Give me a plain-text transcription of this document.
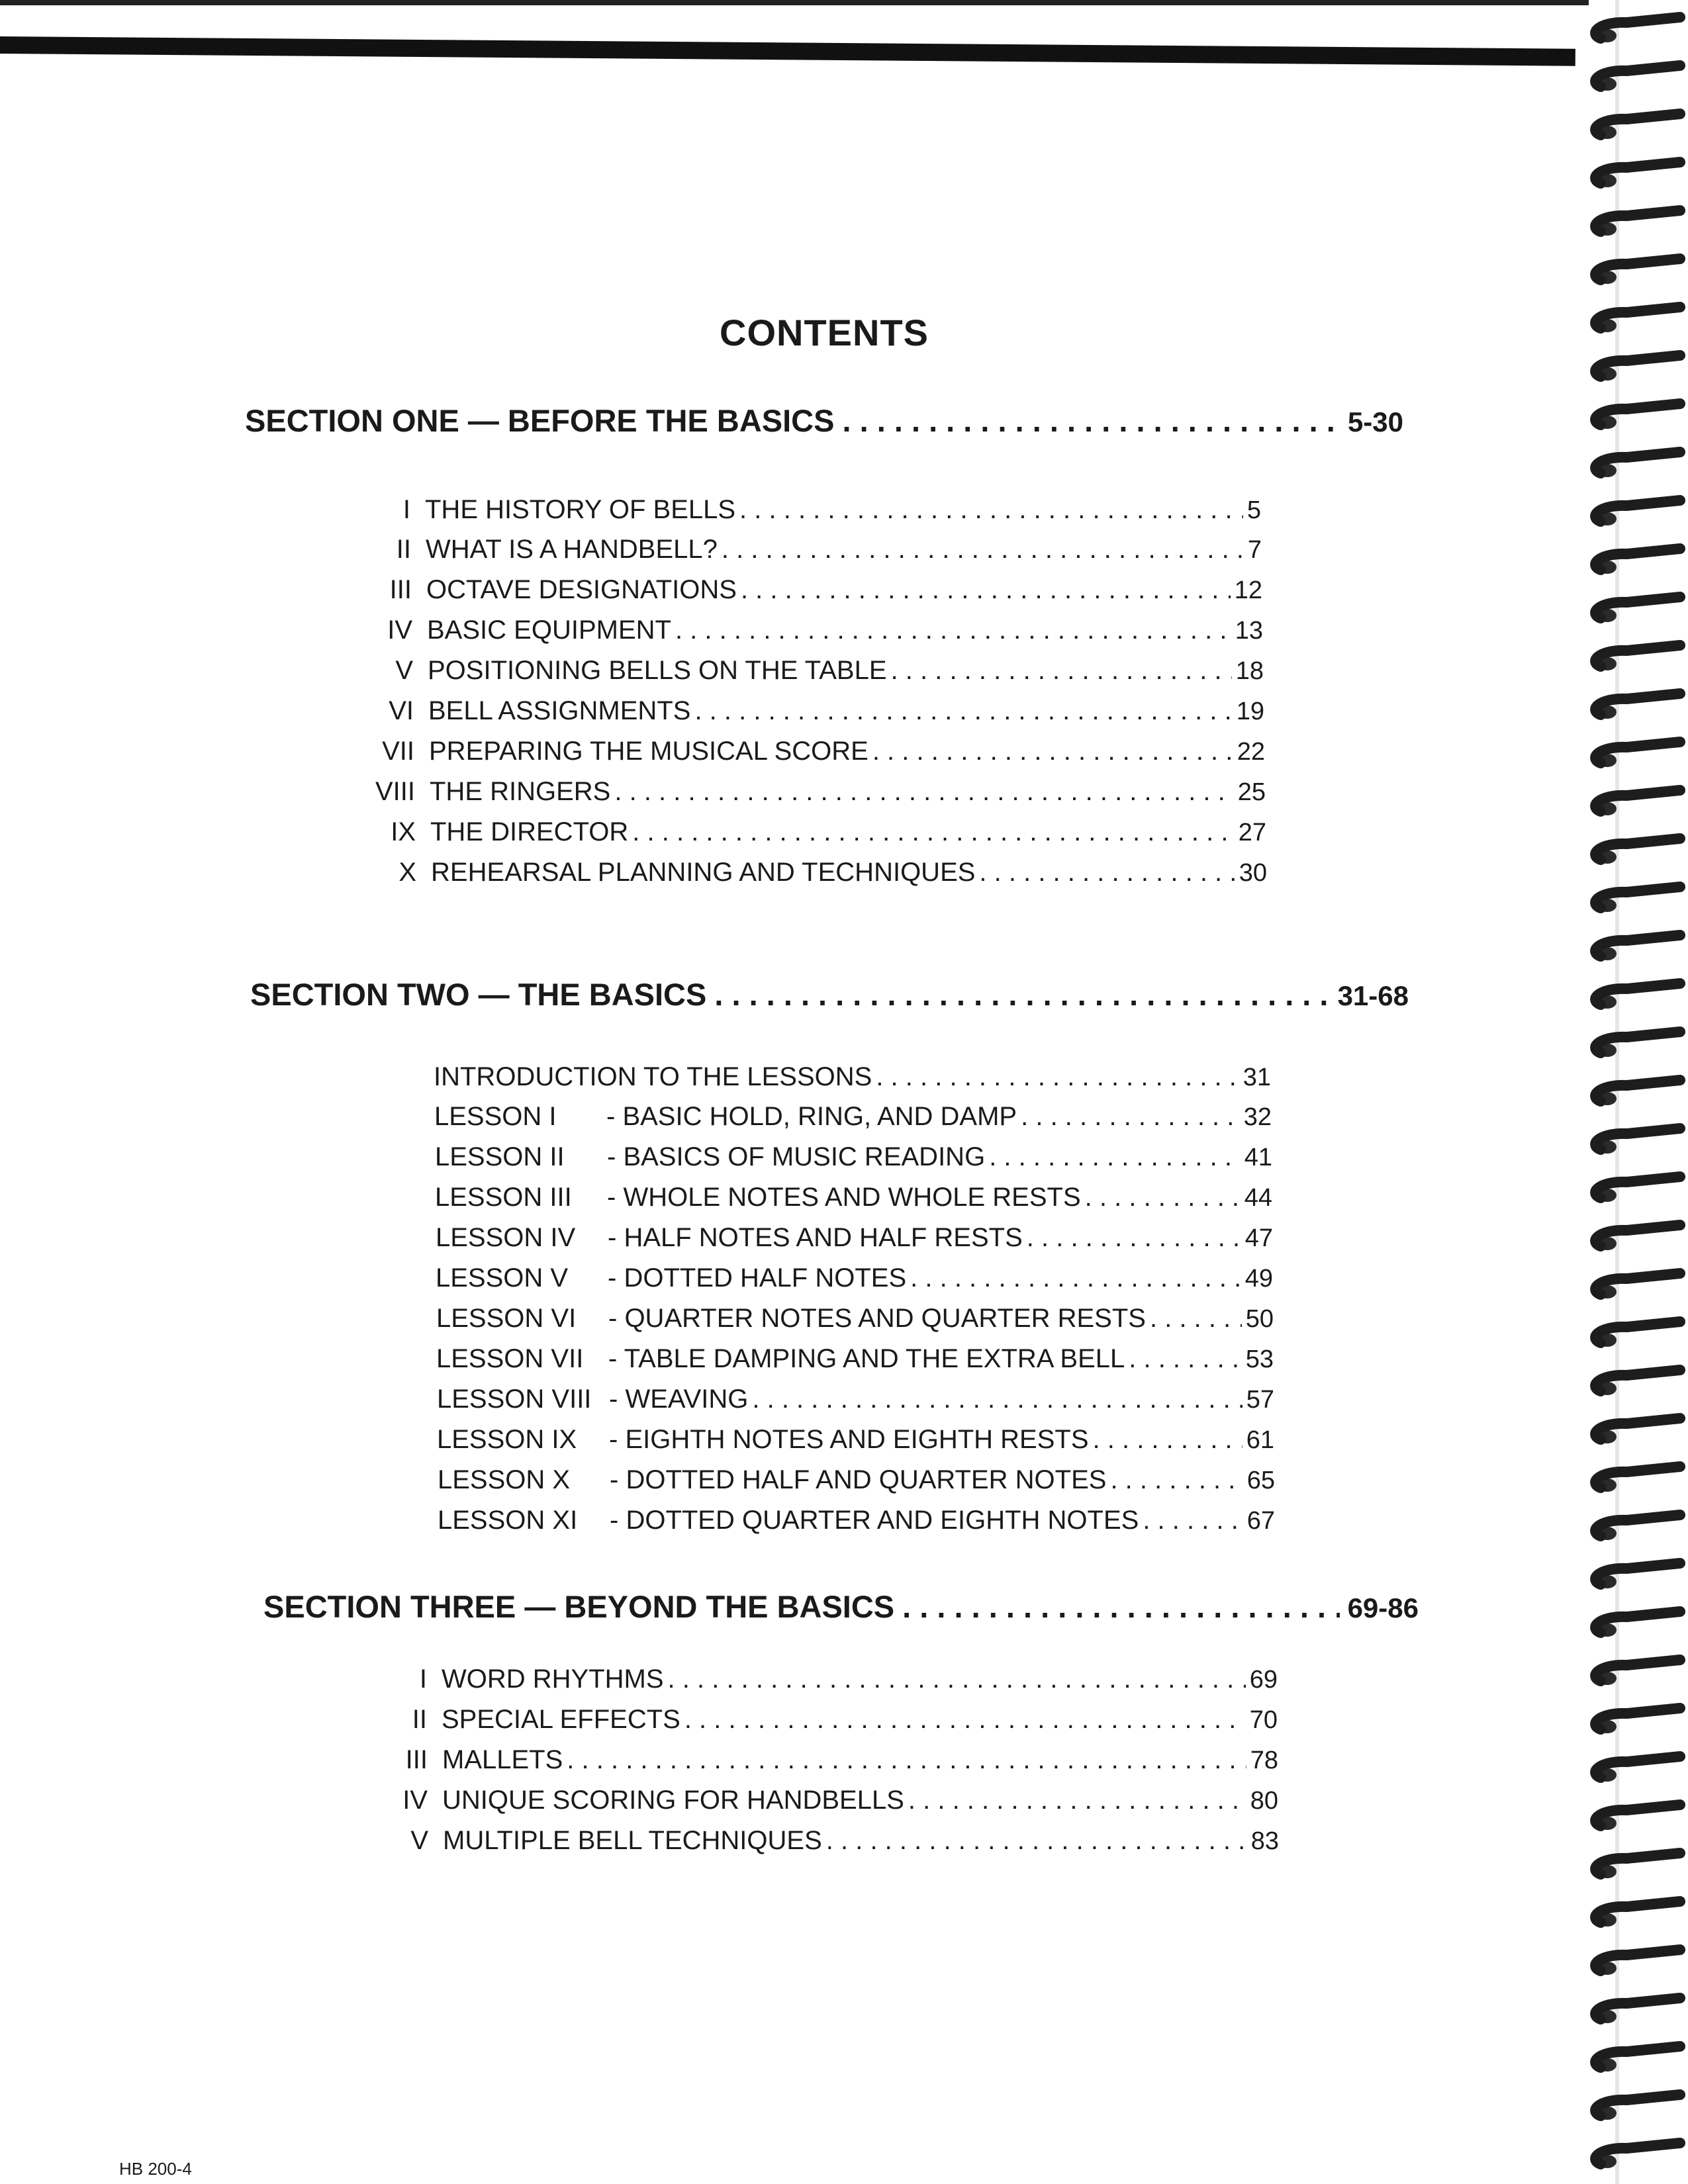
CONTENTS
SECTION ONE — BEFORE THE BASICS . . .	5-30
I THE HISTORY OF BELLS . . .	5
II WHAT IS A HANDBELL? . . .	7
III OCTAVE DESIGNATIONS . . .	12
IV BASIC EQUIPMENT . . .	13
V POSITIONING BELLS ON THE TABLE . . .	18
VI BELL ASSIGNMENTS . . .	19
VII PREPARING THE MUSICAL SCORE . . .	22
VIII THE RINGERS . . .	25
IX THE DIRECTOR . . .	27
X REHEARSAL PLANNING AND TECHNIQUES . . .	30
SECTION TWO — THE BASICS . . .	31-68
INTRODUCTION TO THE LESSONS . . .	31
LESSON I	- BASIC HOLD, RING, AND DAMP . . .	32
LESSON II	- BASICS OF MUSIC READING . . .	41
LESSON III	- WHOLE NOTES AND WHOLE RESTS . . .	44
LESSON IV	- HALF NOTES AND HALF RESTS . . .	47
LESSON V	- DOTTED HALF NOTES . . .	49
LESSON VI	- QUARTER NOTES AND QUARTER RESTS . . .	50
LESSON VII - TABLE DAMPING AND THE EXTRA BELL . . .	53
LESSON VIII - WEAVING . . .	57
LESSON IX	- EIGHTH NOTES AND EIGHTH RESTS . . .	61
LESSON X	- DOTTED HALF AND QUARTER NOTES . . .	65
LESSON XI	- DOTTED QUARTER AND EIGHTH NOTES . . .	67
SECTION THREE — BEYOND THE BASICS . . .	69-86
I WORD RHYTHMS . . .	69
II SPECIAL EFFECTS . . .	70
III MALLETS . . .	78
IV UNIQUE SCORING FOR HANDBELLS . . .	80
V MULTIPLE BELL TECHNIQUES . . .	83
HB 200-4
